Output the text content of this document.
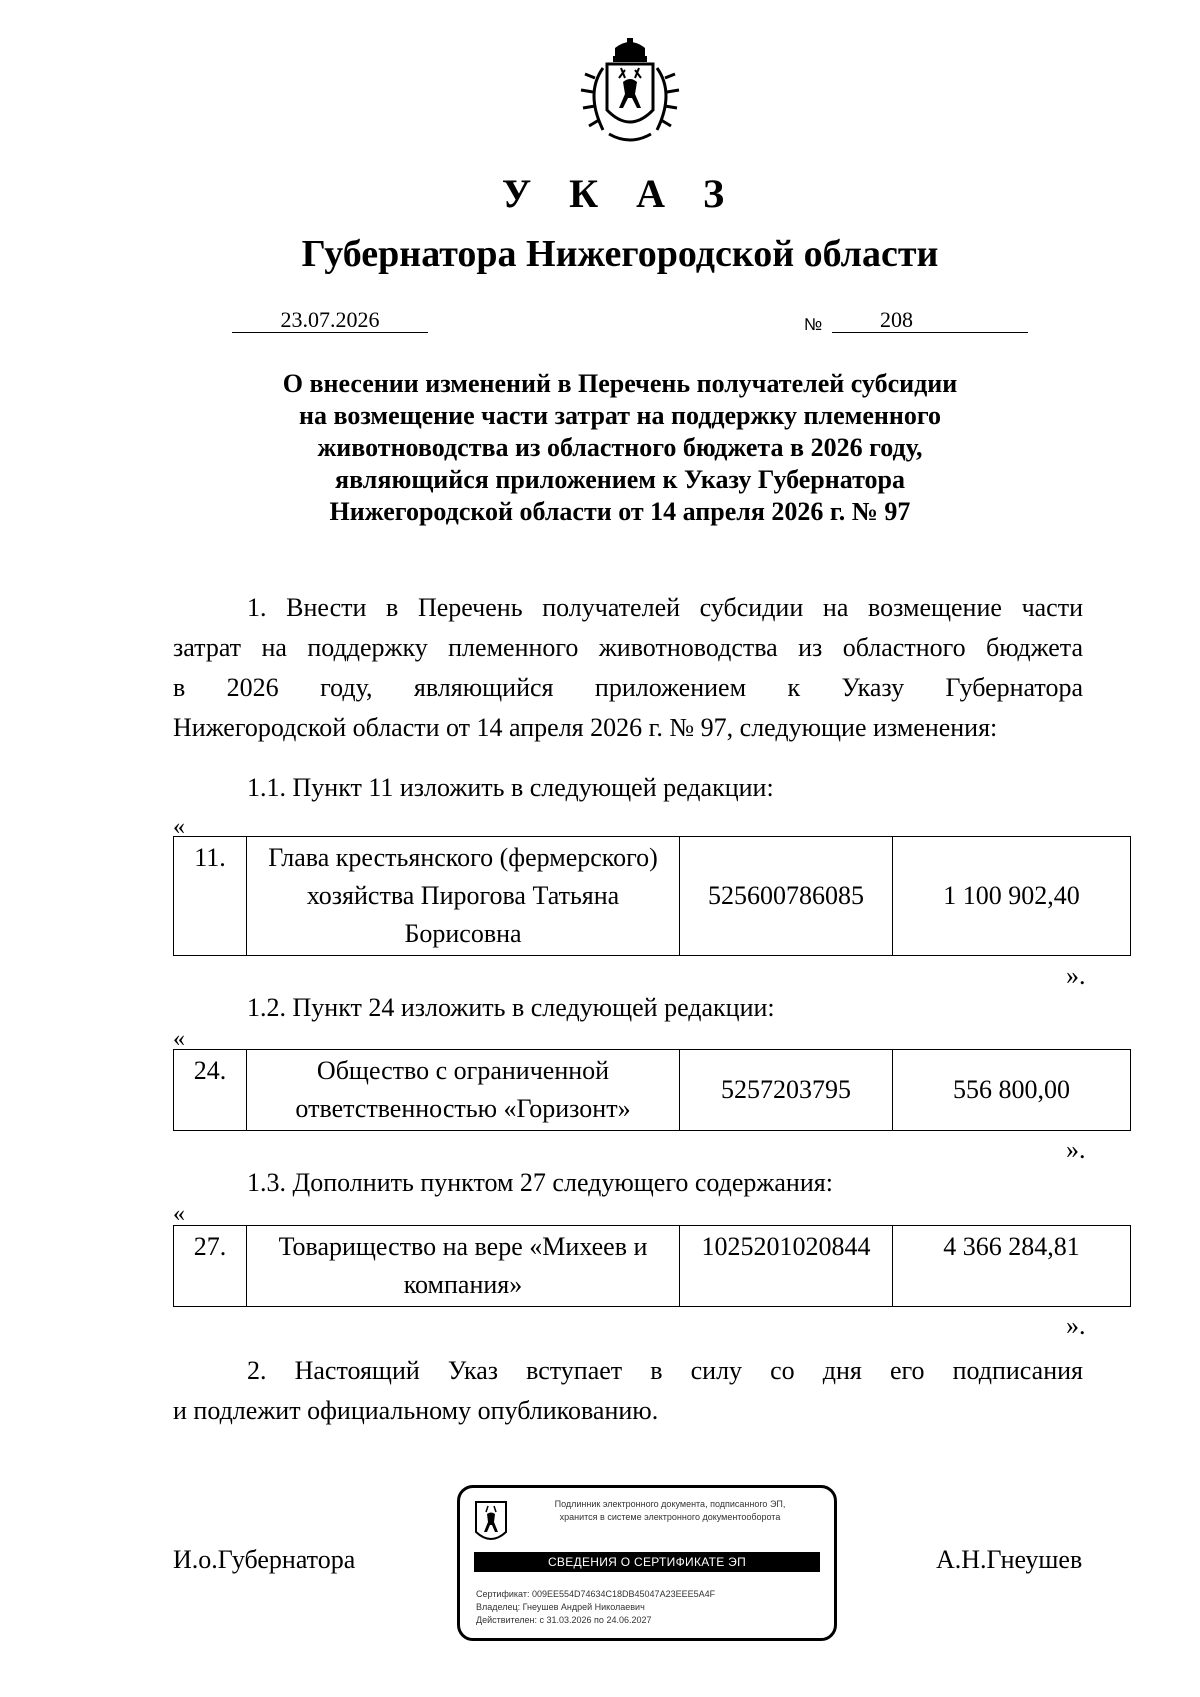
У К А З
Губернатора Нижегородской области
23.07.2026	№	208
О внесении изменений в Перечень получателей субсидии
на возмещение части затрат на поддержку племенного
животноводства из областного бюджета в 2026 году,
являющийся приложением к Указу Губернатора
Нижегородской области от 14 апреля 2026 г. № 97
1. Внести в Перечень получателей субсидии на возмещение части
затрат на поддержку племенного животноводства из областного бюджета
в 2026 году, являющийся приложением к Указу Губернатора
Нижегородской области от 14 апреля 2026 г. № 97, следующие изменения:
1.1. Пункт 11 изложить в следующей редакции:
«
11.	Глава крестьянского (фермерского) хозяйства Пирогова Татьяна Борисовна	525600786085	1 100 902,40
».
1.2. Пункт 24 изложить в следующей редакции:
«
24.	Общество с ограниченной ответственностью «Горизонт»	5257203795	556 800,00
».
1.3. Дополнить пунктом 27 следующего содержания:
«
27.	Товарищество на вере «Михеев и компания»	1025201020844	4 366 284,81
».
2. Настоящий Указ вступает в силу со дня его подписания
и подлежит официальному опубликованию.
И.о.Губернатора	А.Н.Гнеушев
Подлинник электронного документа, подписанного ЭП,
хранится в системе электронного документооборота
СВЕДЕНИЯ О СЕРТИФИКАТЕ ЭП
Сертификат: 009EE554D74634C18DB45047A23EEE5A4F
Владелец: Гнеушев Андрей Николаевич
Действителен: с 31.03.2026 по 24.06.2027
